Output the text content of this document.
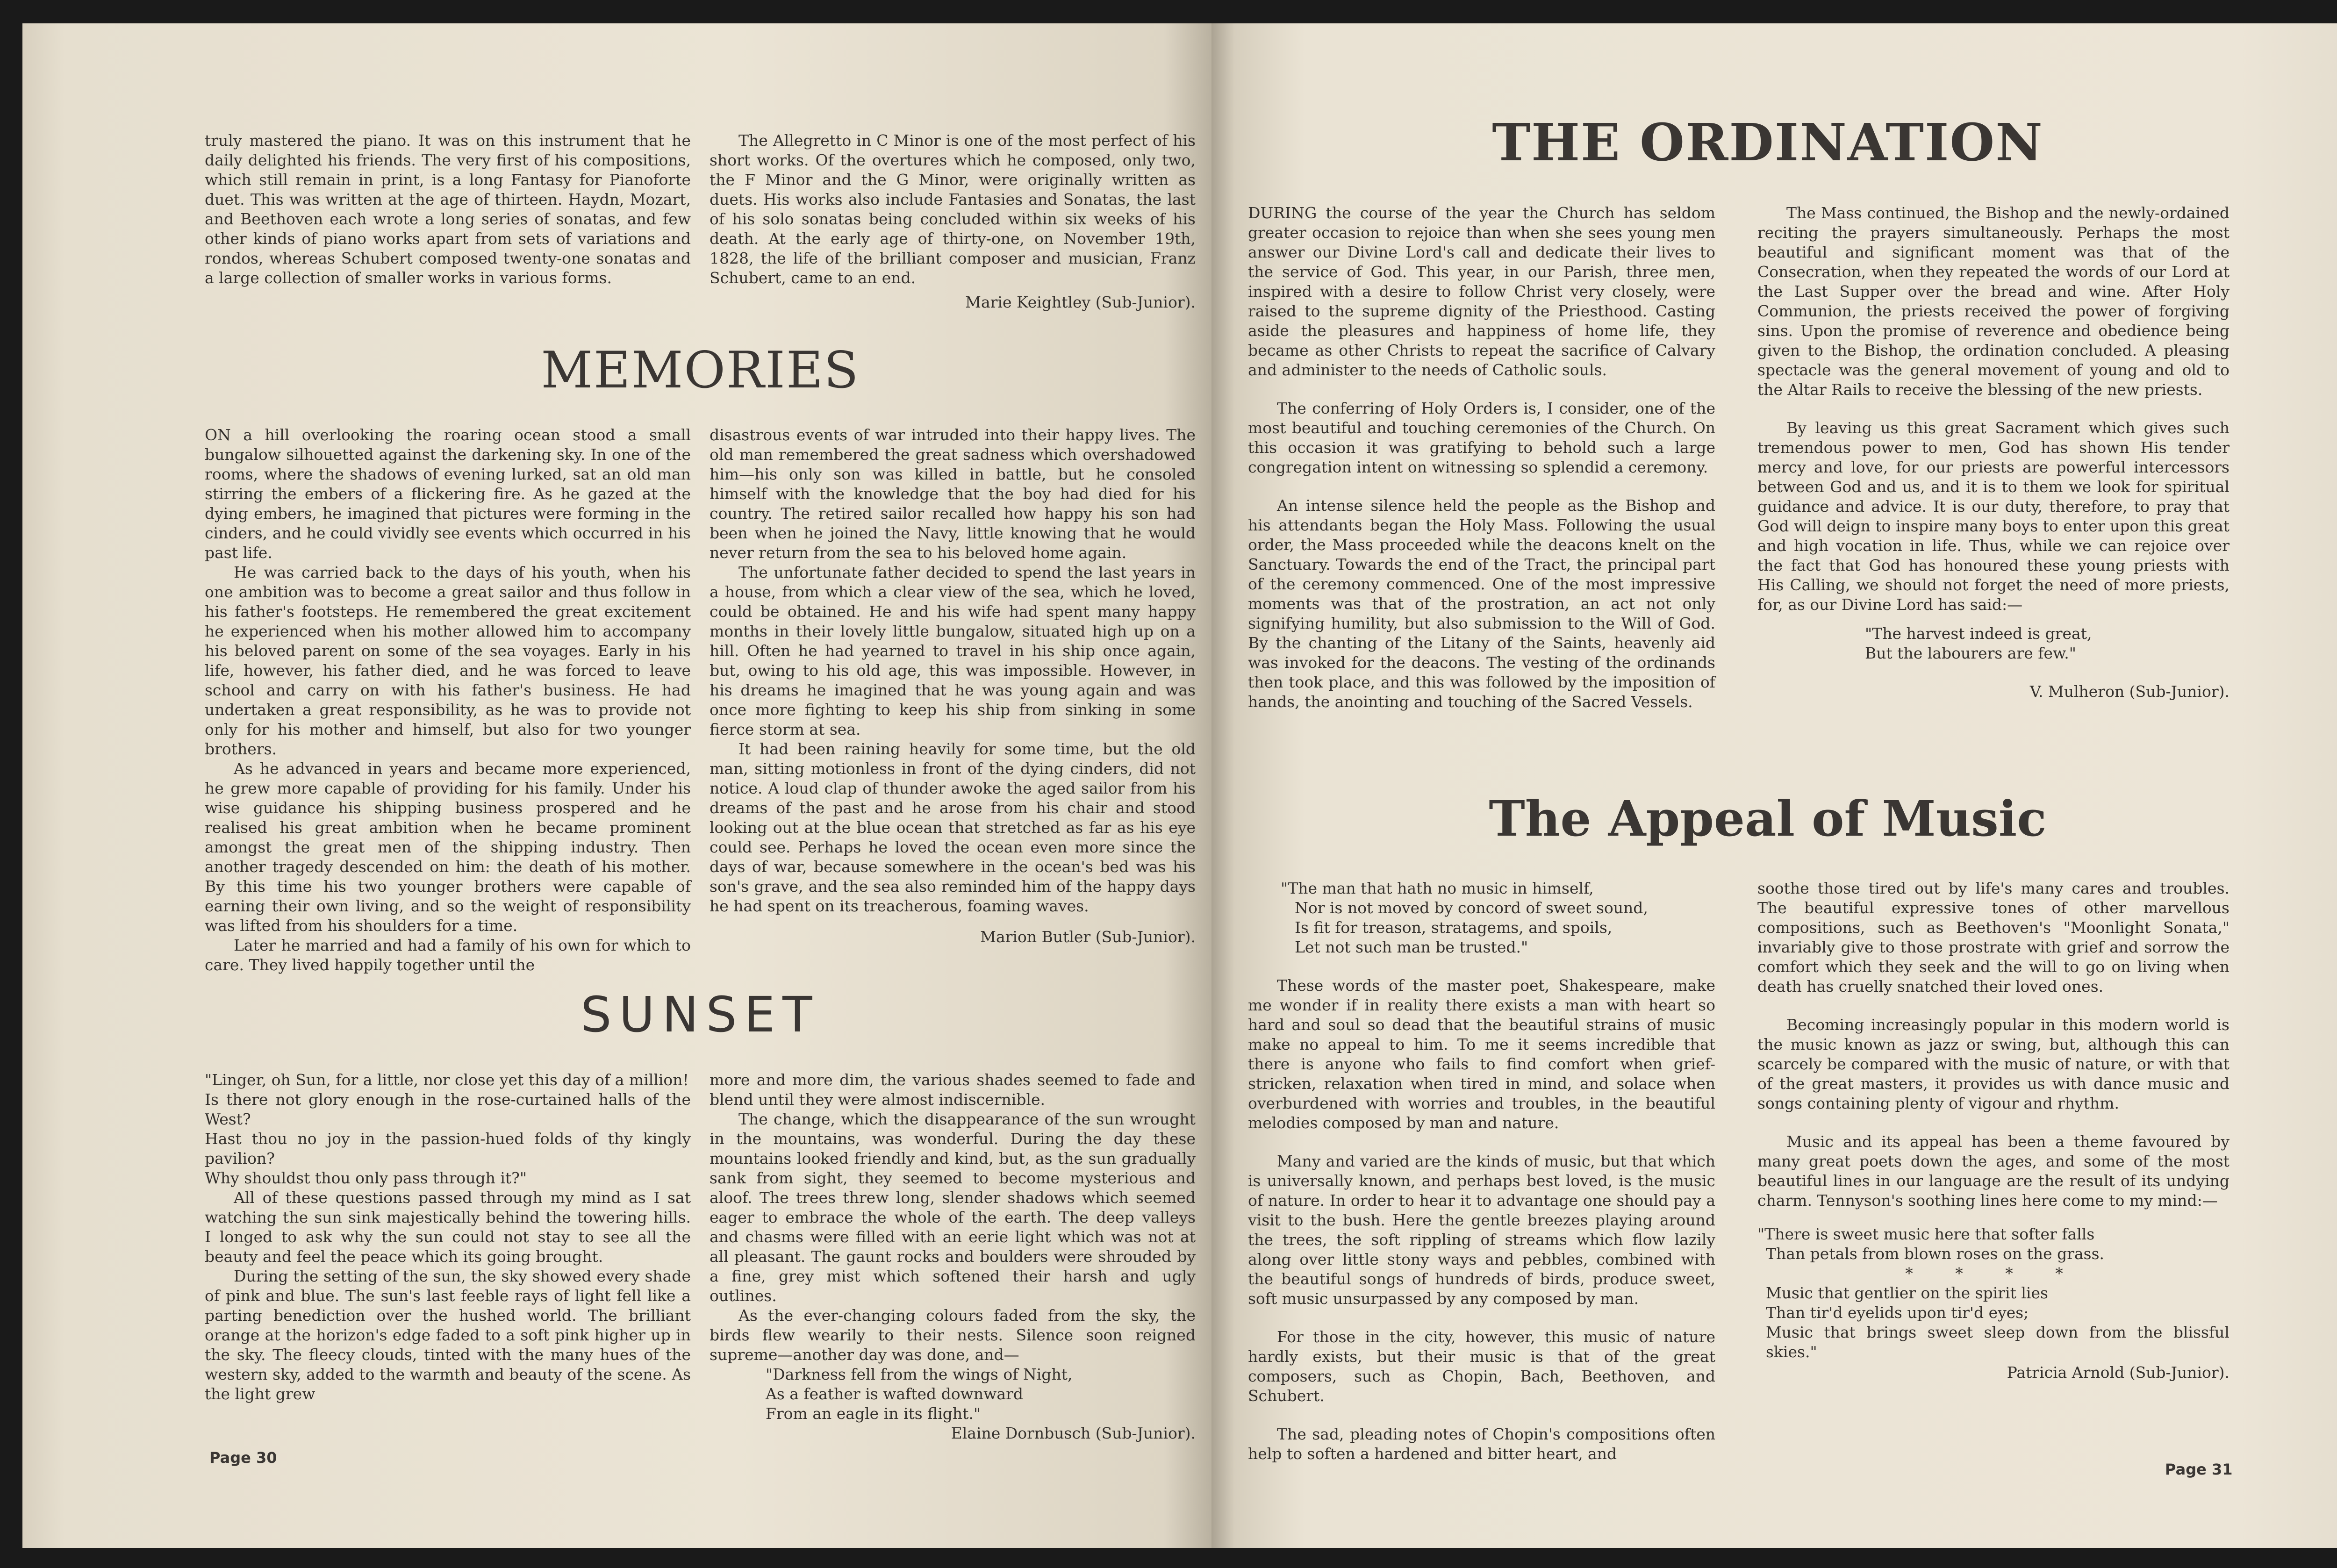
truly mastered the piano. It was on this instrument that he daily delighted his friends. The very first of his compositions, which still remain in print, is a long Fantasy for Pianoforte duet. This was written at the age of thirteen. Haydn, Mozart, and Beethoven each wrote a long series of sonatas, and few other kinds of piano works apart from sets of variations and rondos, whereas Schubert composed twenty-one sonatas and a large collection of smaller works in various forms.

The Allegretto in C Minor is one of the most perfect of his short works. Of the overtures which he composed, only two, the F Minor and the G Minor, were originally written as duets. His works also include Fantasies and Sonatas, the last of his solo sonatas being concluded within six weeks of his death. At the early age of thirty-one, on November 19th, 1828, the life of the brilliant composer and musician, Franz Schubert, came to an end.

Marie Keightley (Sub-Junior).

MEMORIES

ON a hill overlooking the roaring ocean stood a small bungalow silhouetted against the darkening sky. In one of the rooms, where the shadows of evening lurked, sat an old man stirring the embers of a flickering fire. As he gazed at the dying embers, he imagined that pictures were forming in the cinders, and he could vividly see events which occurred in his past life.

He was carried back to the days of his youth, when his one ambition was to become a great sailor and thus follow in his father's footsteps. He remembered the great excitement he experienced when his mother allowed him to accompany his beloved parent on some of the sea voyages. Early in his life, however, his father died, and he was forced to leave school and carry on with his father's business. He had undertaken a great responsibility, as he was to provide not only for his mother and himself, but also for two younger brothers.

As he advanced in years and became more experienced, he grew more capable of providing for his family. Under his wise guidance his shipping business prospered and he realised his great ambition when he became prominent amongst the great men of the shipping industry. Then another tragedy descended on him: the death of his mother. By this time his two younger brothers were capable of earning their own living, and so the weight of responsibility was lifted from his shoulders for a time.

Later he married and had a family of his own for which to care. They lived happily together until the

disastrous events of war intruded into their happy lives. The old man remembered the great sadness which overshadowed him—his only son was killed in battle, but he consoled himself with the knowledge that the boy had died for his country. The retired sailor recalled how happy his son had been when he joined the Navy, little knowing that he would never return from the sea to his beloved home again.

The unfortunate father decided to spend the last years in a house, from which a clear view of the sea, which he loved, could be obtained. He and his wife had spent many happy months in their lovely little bungalow, situated high up on a hill. Often he had yearned to travel in his ship once again, but, owing to his old age, this was impossible. However, in his dreams he imagined that he was young again and was once more fighting to keep his ship from sinking in some fierce storm at sea.

It had been raining heavily for some time, but the old man, sitting motionless in front of the dying cinders, did not notice. A loud clap of thunder awoke the aged sailor from his dreams of the past and he arose from his chair and stood looking out at the blue ocean that stretched as far as his eye could see. Perhaps he loved the ocean even more since the days of war, because somewhere in the ocean's bed was his son's grave, and the sea also reminded him of the happy days he had spent on its treacherous, foaming waves.

Marion Butler (Sub-Junior).

SUNSET
"Linger, oh Sun, for a little, nor close yet this day of a million!
Is there not glory enough in the rose-curtained halls of the West?
Hast thou no joy in the passion-hued folds of thy kingly pavilion?
Why shouldst thou only pass through it?"

All of these questions passed through my mind as I sat watching the sun sink majestically behind the towering hills. I longed to ask why the sun could not stay to see all the beauty and feel the peace which its going brought.

During the setting of the sun, the sky showed every shade of pink and blue. The sun's last feeble rays of light fell like a parting benediction over the hushed world. The brilliant orange at the horizon's edge faded to a soft pink higher up in the sky. The fleecy clouds, tinted with the many hues of the western sky, added to the warmth and beauty of the scene. As the light grew

more and more dim, the various shades seemed to fade and blend until they were almost indiscernible.

The change, which the disappearance of the sun wrought in the mountains, was wonderful. During the day these mountains looked friendly and kind, but, as the sun gradually sank from sight, they seemed to become mysterious and aloof. The trees threw long, slender shadows which seemed eager to embrace the whole of the earth. The deep valleys and chasms were filled with an eerie light which was not at all pleasant. The gaunt rocks and boulders were shrouded by a fine, grey mist which softened their harsh and ugly outlines.

As the ever-changing colours faded from the sky, the birds flew wearily to their nests. Silence soon reigned supreme—another day was done, and—

"Darkness fell from the wings of Night,
As a feather is wafted downward
From an eagle in its flight."

Elaine Dornbusch (Sub-Junior).

Page 30
THE ORDINATION

DURING the course of the year the Church has seldom greater occasion to rejoice than when she sees young men answer our Divine Lord's call and dedicate their lives to the service of God. This year, in our Parish, three men, inspired with a desire to follow Christ very closely, were raised to the supreme dignity of the Priesthood. Casting aside the pleasures and happiness of home life, they became as other Christs to repeat the sacrifice of Calvary and administer to the needs of Catholic souls.

The conferring of Holy Orders is, I consider, one of the most beautiful and touching ceremonies of the Church. On this occasion it was gratifying to behold such a large congregation intent on witnessing so splendid a ceremony.

An intense silence held the people as the Bishop and his attendants began the Holy Mass. Following the usual order, the Mass proceeded while the deacons knelt on the Sanctuary. Towards the end of the Tract, the principal part of the ceremony commenced. One of the most impressive moments was that of the prostration, an act not only signifying humility, but also submission to the Will of God. By the chanting of the Litany of the Saints, heavenly aid was invoked for the deacons. The vesting of the ordinands then took place, and this was followed by the imposition of hands, the anointing and touching of the Sacred Vessels.

The Mass continued, the Bishop and the newly-ordained reciting the prayers simultaneously. Perhaps the most beautiful and significant moment was that of the Consecration, when they repeated the words of our Lord at the Last Supper over the bread and wine. After Holy Communion, the priests received the power of forgiving sins. Upon the promise of reverence and obedience being given to the Bishop, the ordination concluded. A pleasing spectacle was the general movement of young and old to the Altar Rails to receive the blessing of the new priests.

By leaving us this great Sacrament which gives such tremendous power to men, God has shown His tender mercy and love, for our priests are powerful intercessors between God and us, and it is to them we look for spiritual guidance and advice. It is our duty, therefore, to pray that God will deign to inspire many boys to enter upon this great and high vocation in life. Thus, while we can rejoice over the fact that God has honoured these young priests with His Calling, we should not forget the need of more priests, for, as our Divine Lord has said:—

"The harvest indeed is great,
But the labourers are few."

V. Mulheron (Sub-Junior).

The Appeal of Music
"The man that hath no music in himself,
Nor is not moved by concord of sweet sound,
Is fit for treason, stratagems, and spoils,
Let not such man be trusted."

These words of the master poet, Shakespeare, make me wonder if in reality there exists a man with heart so hard and soul so dead that the beautiful strains of music make no appeal to him. To me it seems incredible that there is anyone who fails to find comfort when grief-stricken, relaxation when tired in mind, and solace when overburdened with worries and troubles, in the beautiful melodies composed by man and nature.

Many and varied are the kinds of music, but that which is universally known, and perhaps best loved, is the music of nature. In order to hear it to advantage one should pay a visit to the bush. Here the gentle breezes playing around the trees, the soft rippling of streams which flow lazily along over little stony ways and pebbles, combined with the beautiful songs of hundreds of birds, produce sweet, soft music unsurpassed by any composed by man.

For those in the city, however, this music of nature hardly exists, but their music is that of the great composers, such as Chopin, Bach, Beethoven, and Schubert.

The sad, pleading notes of Chopin's compositions often help to soften a hardened and bitter heart, and

soothe those tired out by life's many cares and troubles. The beautiful expressive tones of other marvellous compositions, such as Beethoven's "Moonlight Sonata," invariably give to those prostrate with grief and sorrow the comfort which they seek and the will to go on living when death has cruelly snatched their loved ones.

Becoming increasingly popular in this modern world is the music known as jazz or swing, but, although this can scarcely be compared with the music of nature, or with that of the great masters, it provides us with dance music and songs containing plenty of vigour and rhythm.

Music and its appeal has been a theme favoured by many great poets down the ages, and some of the most beautiful lines in our language are the result of its undying charm. Tennyson's soothing lines here come to my mind:—

"There is sweet music here that softer falls
Than petals from blown roses on the grass.

* * * *

Music that gentlier on the spirit lies
Than tir'd eyelids upon tir'd eyes;
Music that brings sweet sleep down from the blissful skies."

Patricia Arnold (Sub-Junior).

Page 31
